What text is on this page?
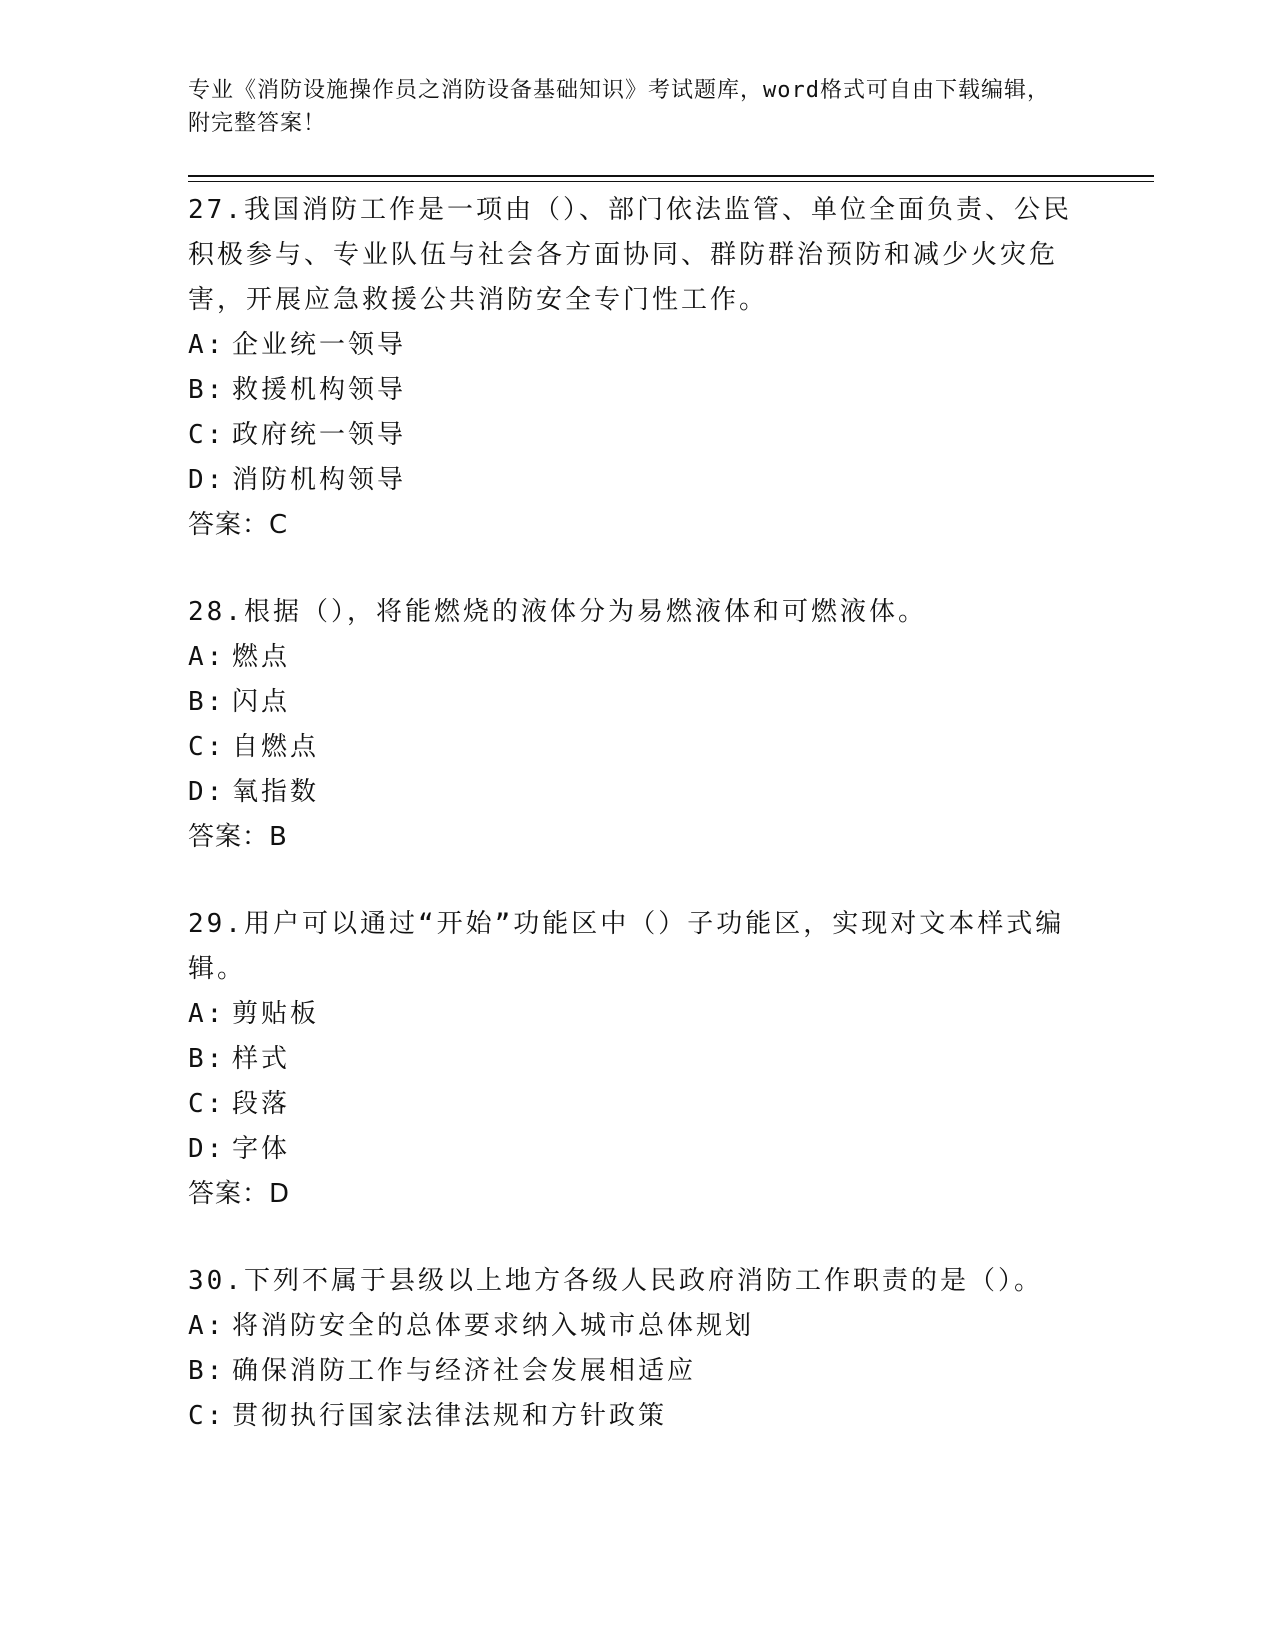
专业《消防设施操作员之消防设备基础知识》考试题库，word格式可自由下载编辑，附完整答案！

27.我国消防工作是一项由（）、部门依法监管、单位全面负责、公民积极参与、专业队伍与社会各方面协同、群防群治预防和减少火灾危害，开展应急救援公共消防安全专门性工作。

A: 企业统一领导

B: 救援机构领导

C: 政府统一领导

D: 消防机构领导

答案：C

28.根据（），将能燃烧的液体分为易燃液体和可燃液体。

A: 燃点

B: 闪点

C: 自燃点

D: 氧指数

答案：B

29.用户可以通过“开始”功能区中（）子功能区，实现对文本样式编辑。

A: 剪贴板

B: 样式

C: 段落

D: 字体

答案：D

30.下列不属于县级以上地方各级人民政府消防工作职责的是（）。

A: 将消防安全的总体要求纳入城市总体规划

B: 确保消防工作与经济社会发展相适应

C: 贯彻执行国家法律法规和方针政策
